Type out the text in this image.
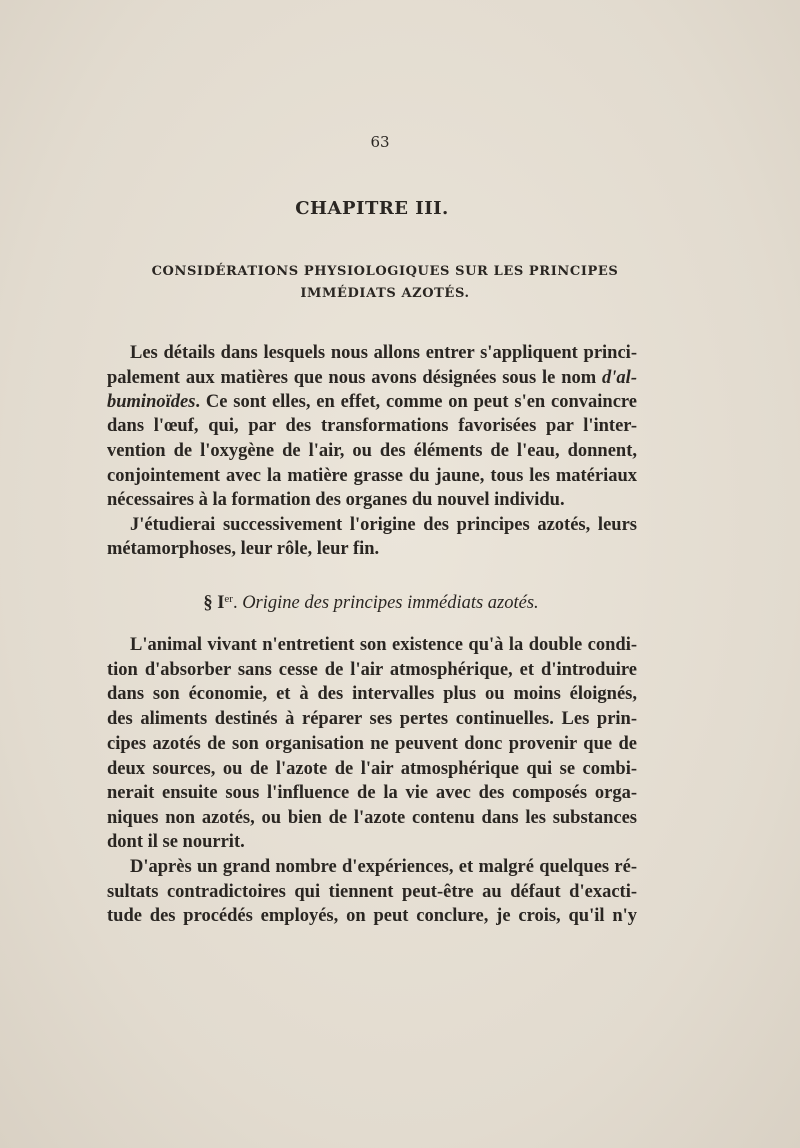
63
CHAPITRE III.
CONSIDÉRATIONS PHYSIOLOGIQUES SUR LES PRINCIPES IMMÉDIATS AZOTÉS.

Les détails dans lesquels nous allons entrer s'appliquent princi-

palement aux matières que nous avons désignées sous le nom d'al-

buminoïdes. Ce sont elles, en effet, comme on peut s'en convaincre

dans l'œuf, qui, par des transformations favorisées par l'inter-

vention de l'oxygène de l'air, ou des éléments de l'eau, donnent,

conjointement avec la matière grasse du jaune, tous les matériaux

nécessaires à la formation des organes du nouvel individu.

J'étudierai successivement l'origine des principes azotés, leurs

métamorphoses, leur rôle, leur fin.

§ Ier. Origine des principes immédiats azotés.

L'animal vivant n'entretient son existence qu'à la double condi-

tion d'absorber sans cesse de l'air atmosphérique, et d'introduire

dans son économie, et à des intervalles plus ou moins éloignés,

des aliments destinés à réparer ses pertes continuelles. Les prin-

cipes azotés de son organisation ne peuvent donc provenir que de

deux sources, ou de l'azote de l'air atmosphérique qui se combi-

nerait ensuite sous l'influence de la vie avec des composés orga-

niques non azotés, ou bien de l'azote contenu dans les substances

dont il se nourrit.

D'après un grand nombre d'expériences, et malgré quelques ré-

sultats contradictoires qui tiennent peut-être au défaut d'exacti-

tude des procédés employés, on peut conclure, je crois, qu'il n'y
